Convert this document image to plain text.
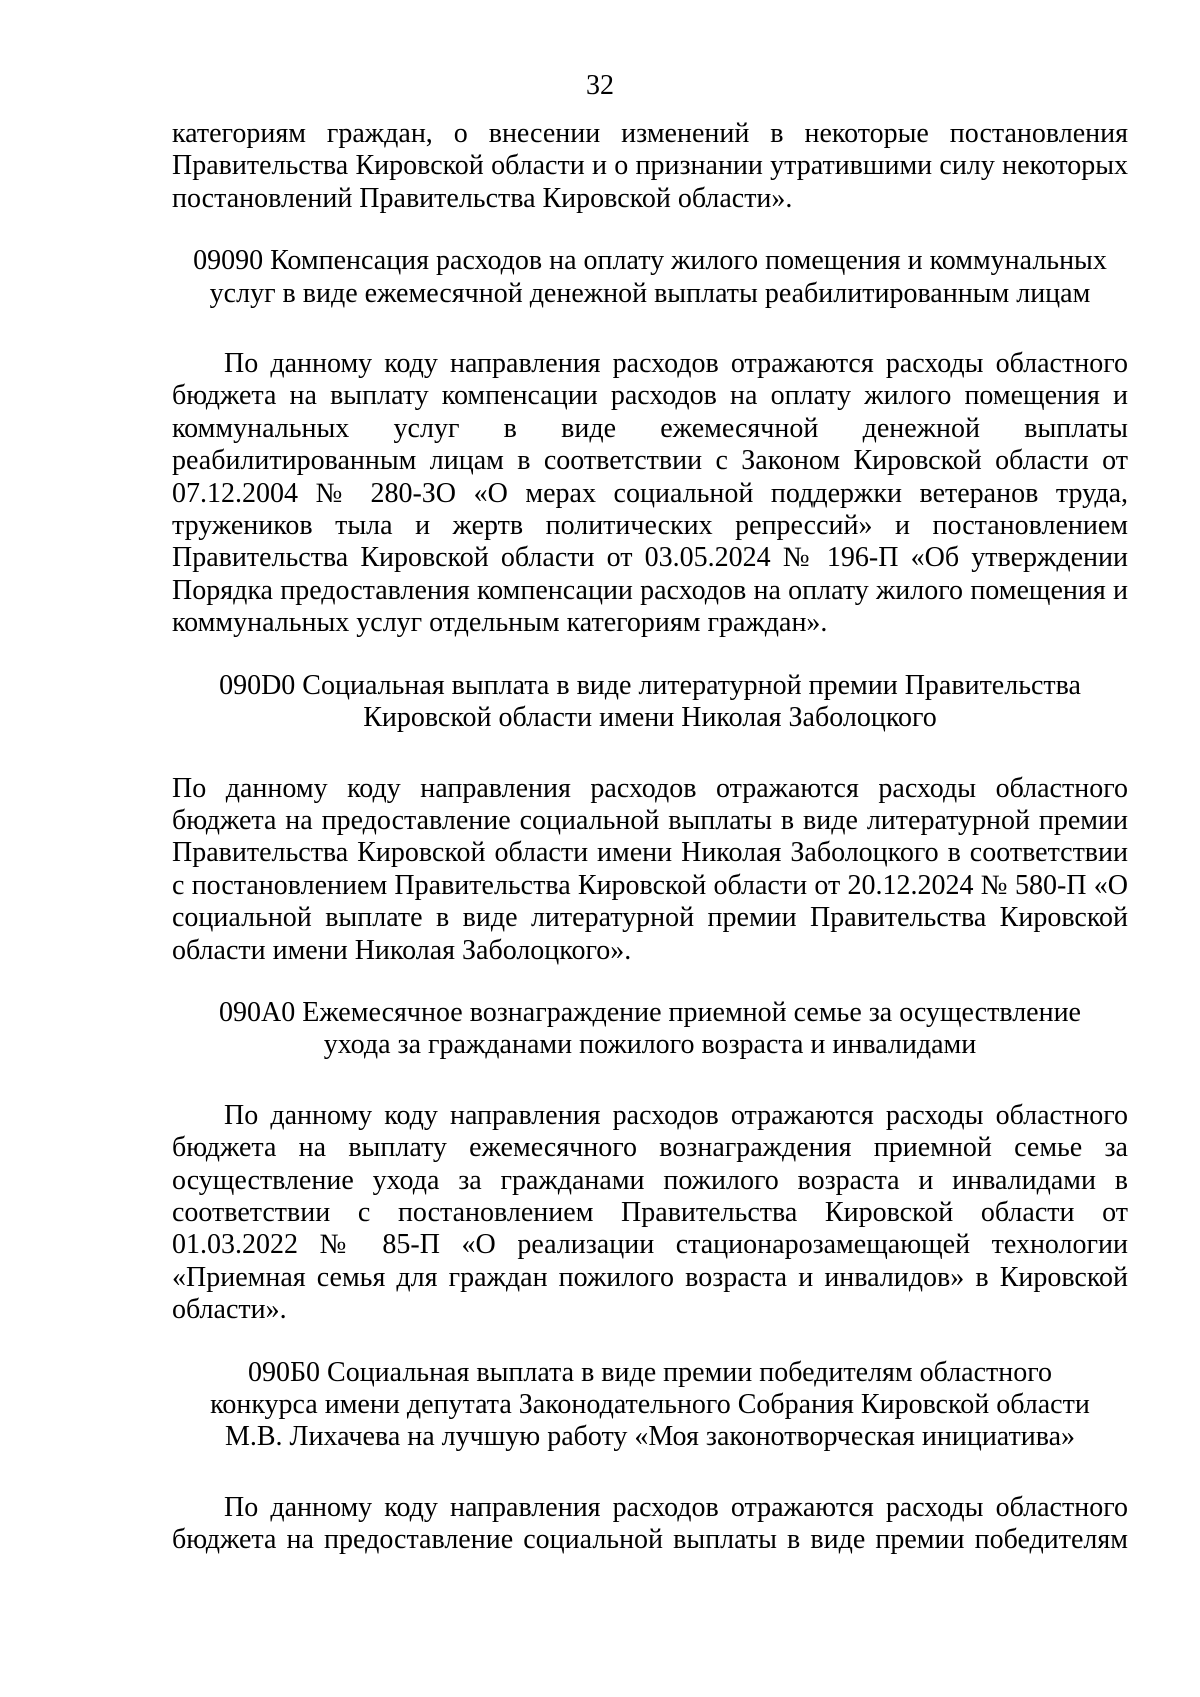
32

категориям граждан, о внесении изменений в некоторые постановления Правительства Кировской области и о признании утратившими силу некоторых постановлений Правительства Кировской области».

09090 Компенсация расходов на оплату жилого помещения и коммунальных
услуг в виде ежемесячной денежной выплаты реабилитированным лицам

По данному коду направления расходов отражаются расходы областного бюджета на выплату компенсации расходов на оплату жилого помещения и коммунальных услуг в виде ежемесячной денежной выплаты реабилитированным лицам в соответствии с Законом Кировской области от 07.12.2004 № 280-ЗО «О мерах социальной поддержки ветеранов труда, тружеников тыла и жертв политических репрессий» и постановлением Правительства Кировской области от 03.05.2024 № 196-П «Об утверждении Порядка предоставления компенсации расходов на оплату жилого помещения и коммунальных услуг отдельным категориям граждан».

090D0 Социальная выплата в виде литературной премии Правительства
Кировской области имени Николая Заболоцкого

По данному коду направления расходов отражаются расходы областного бюджета на предоставление социальной выплаты в виде литературной премии Правительства Кировской области имени Николая Заболоцкого в соответствии с постановлением Правительства Кировской области от 20.12.2024 № 580-П «О социальной выплате в виде литературной премии Правительства Кировской области имени Николая Заболоцкого».

090А0 Ежемесячное вознаграждение приемной семье за осуществление
ухода за гражданами пожилого возраста и инвалидами

По данному коду направления расходов отражаются расходы областного бюджета на выплату ежемесячного вознаграждения приемной семье за осуществление ухода за гражданами пожилого возраста и инвалидами в соответствии с постановлением Правительства Кировской области от 01.03.2022 № 85-П «О реализации стационарозамещающей технологии «Приемная семья для граждан пожилого возраста и инвалидов» в Кировской области».

090Б0 Социальная выплата в виде премии победителям областного
конкурса имени депутата Законодательного Собрания Кировской области
М.В. Лихачева на лучшую работу «Моя законотворческая инициатива»

По данному коду направления расходов отражаются расходы областного бюджета на предоставление социальной выплаты в виде премии победителям
